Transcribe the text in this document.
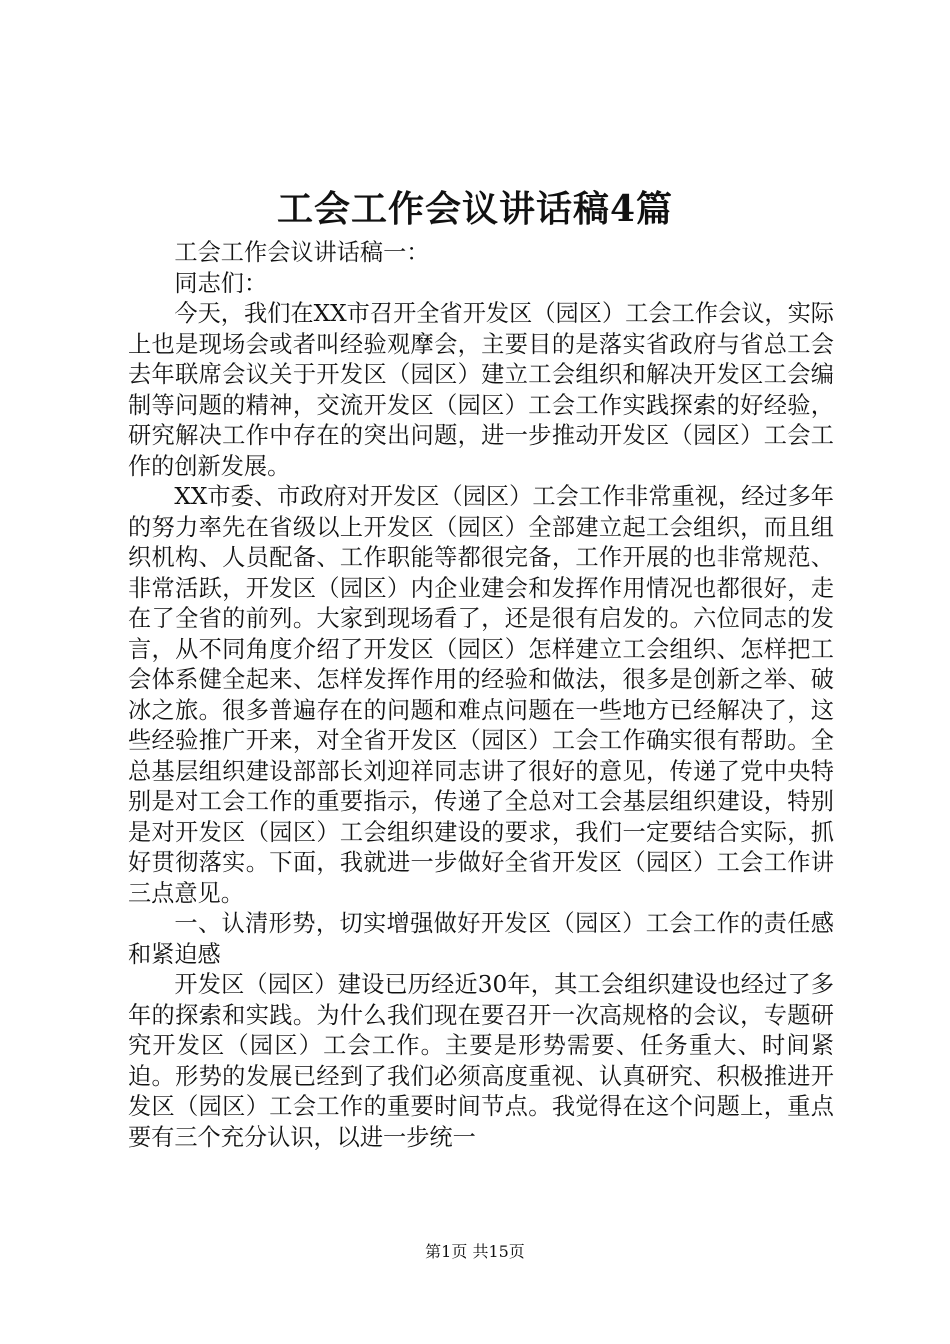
工会工作会议讲话稿4篇

工会工作会议讲话稿一：

同志们：

今天，我们在XX市召开全省开发区（园区）工会工作会议，实际上也是现场会或者叫经验观摩会，主要目的是落实省政府与省总工会去年联席会议关于开发区（园区）建立工会组织和解决开发区工会编制等问题的精神，交流开发区（园区）工会工作实践探索的好经验，研究解决工作中存在的突出问题，进一步推动开发区（园区）工会工作的创新发展。

XX市委、市政府对开发区（园区）工会工作非常重视，经过多年的努力率先在省级以上开发区（园区）全部建立起工会组织，而且组织机构、人员配备、工作职能等都很完备，工作开展的也非常规范、非常活跃，开发区（园区）内企业建会和发挥作用情况也都很好，走在了全省的前列。大家到现场看了，还是很有启发的。六位同志的发言，从不同角度介绍了开发区（园区）怎样建立工会组织、怎样把工会体系健全起来、怎样发挥作用的经验和做法，很多是创新之举、破冰之旅。很多普遍存在的问题和难点问题在一些地方已经解决了，这些经验推广开来，对全省开发区（园区）工会工作确实很有帮助。全总基层组织建设部部长刘迎祥同志讲了很好的意见，传递了党中央特别是对工会工作的重要指示，传递了全总对工会基层组织建设，特别是对开发区（园区）工会组织建设的要求，我们一定要结合实际，抓好贯彻落实。下面，我就进一步做好全省开发区（园区）工会工作讲三点意见。

一、认清形势，切实增强做好开发区（园区）工会工作的责任感和紧迫感

开发区（园区）建设已历经近30年，其工会组织建设也经过了多年的探索和实践。为什么我们现在要召开一次高规格的会议，专题研究开发区（园区）工会工作。主要是形势需要、任务重大、时间紧迫。形势的发展已经到了我们必须高度重视、认真研究、积极推进开发区（园区）工会工作的重要时间节点。我觉得在这个问题上，重点要有三个充分认识，以进一步统一

第1页 共15页
